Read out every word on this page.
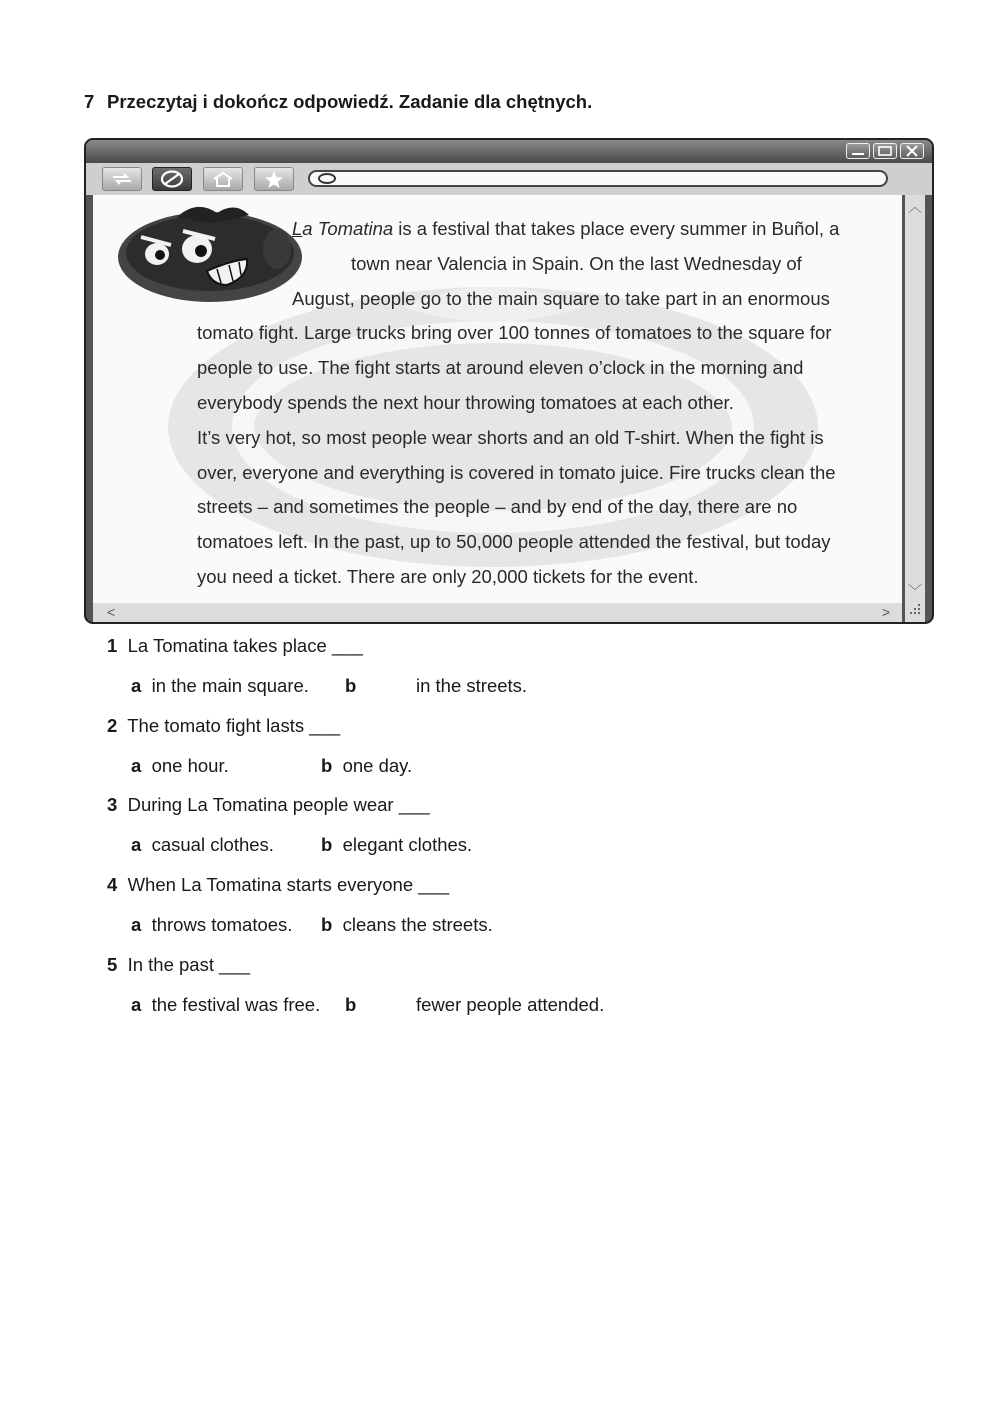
7 Przeczytaj i dokończ odpowiedź. Zadanie dla chętnych.
La Tomatina is a festival that takes place every summer in Buñol, a
town near Valencia in Spain. On the last Wednesday of
August, people go to the main square to take part in an enormous
tomato fight. Large trucks bring over 100 tonnes of tomatoes to the square for
people to use. The fight starts at around eleven o’clock in the morning and
everybody spends the next hour throwing tomatoes at each other.
It’s very hot, so most people wear shorts and an old T-shirt. When the fight is
over, everyone and everything is covered in tomato juice. Fire trucks clean the
streets – and sometimes the people – and by end of the day, there are no
tomatoes left. In the past, up to 50,000 people attended the festival, but today
you need a ticket. There are only 20,000 tickets for the event.
︿
﹀
<	>
1 La Tomatina takes place ___
a in the main square. b	in the streets.
2 The tomato fight lasts ___
a one hour.	b one day.
3 During La Tomatina people wear ___
a casual clothes.	b elegant clothes.
4 When La Tomatina starts everyone ___
a throws tomatoes. b cleans the streets.
5 In the past ___
a the festival was free. b	fewer people attended.
